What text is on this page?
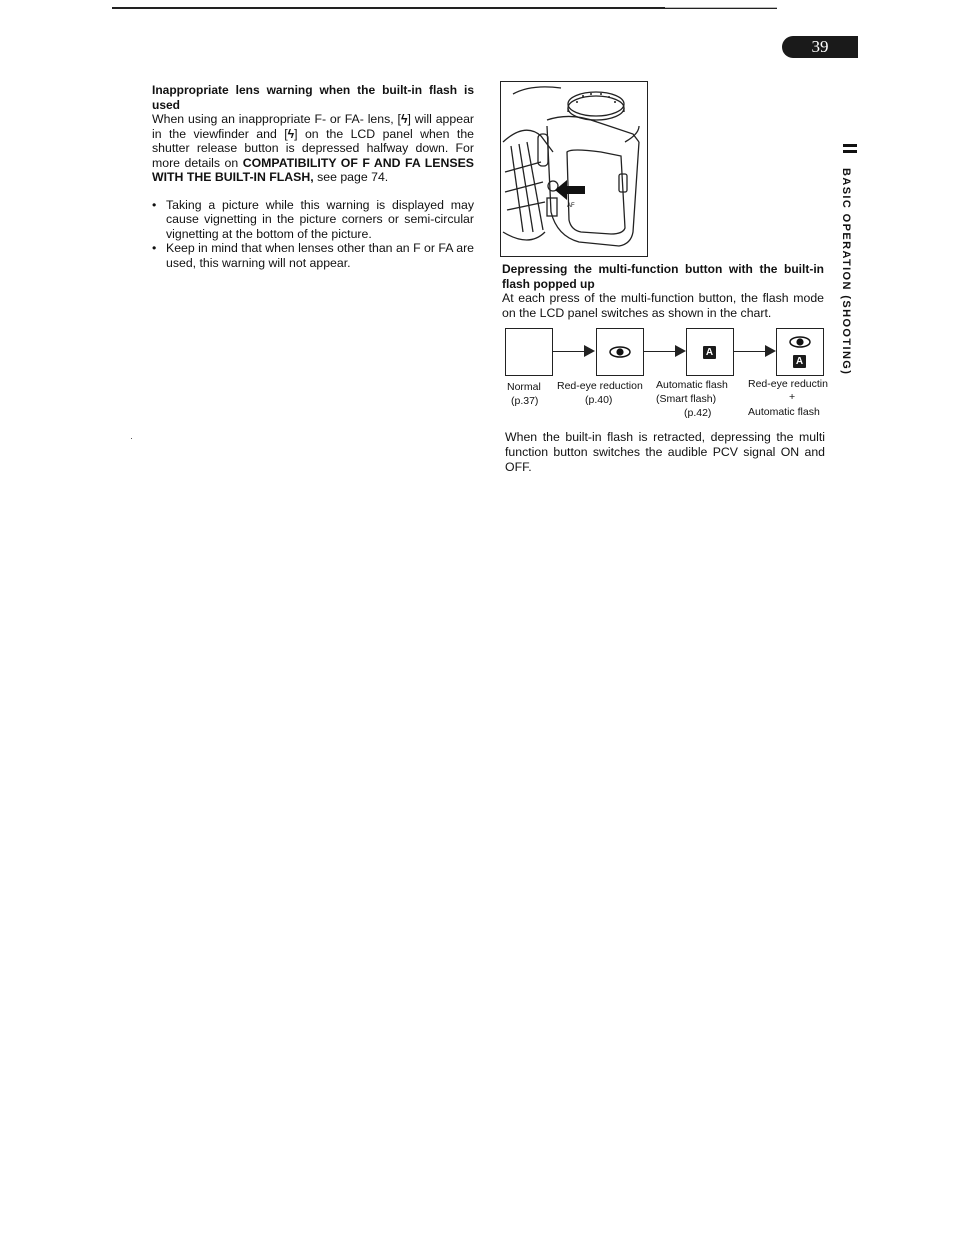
39
BASIC OPERATION (SHOOTING)

Inappropriate lens warning when the built-in flash is used

When using an inappropriate F- or FA- lens, [ϟ] will appear in the viewfinder and [ϟ] on the LCD panel when the shutter release button is depressed halfway down. For more details on COMPATIBILITY OF F AND FA LENSES WITH THE BUILT-IN FLASH, see page 74.

• Taking a picture while this warning is displayed may cause vignetting in the picture corners or semi-circular vignetting at the bottom of the picture.
• Keep in mind that when lenses other than an F or FA are used, this warning will not appear.
AF

Depressing the multi-function button with the built-in flash popped up

At each press of the multi-function button, the flash mode on the LCD panel switches as shown in the chart.

A
A
Normal
(p.37)
Red-eye reduction
(p.40)
Automatic flash
(Smart flash)
(p.42)
Red-eye reductin
+
Automatic flash

When the built-in flash is retracted, depressing the multi function button switches the audible PCV signal ON and OFF.
